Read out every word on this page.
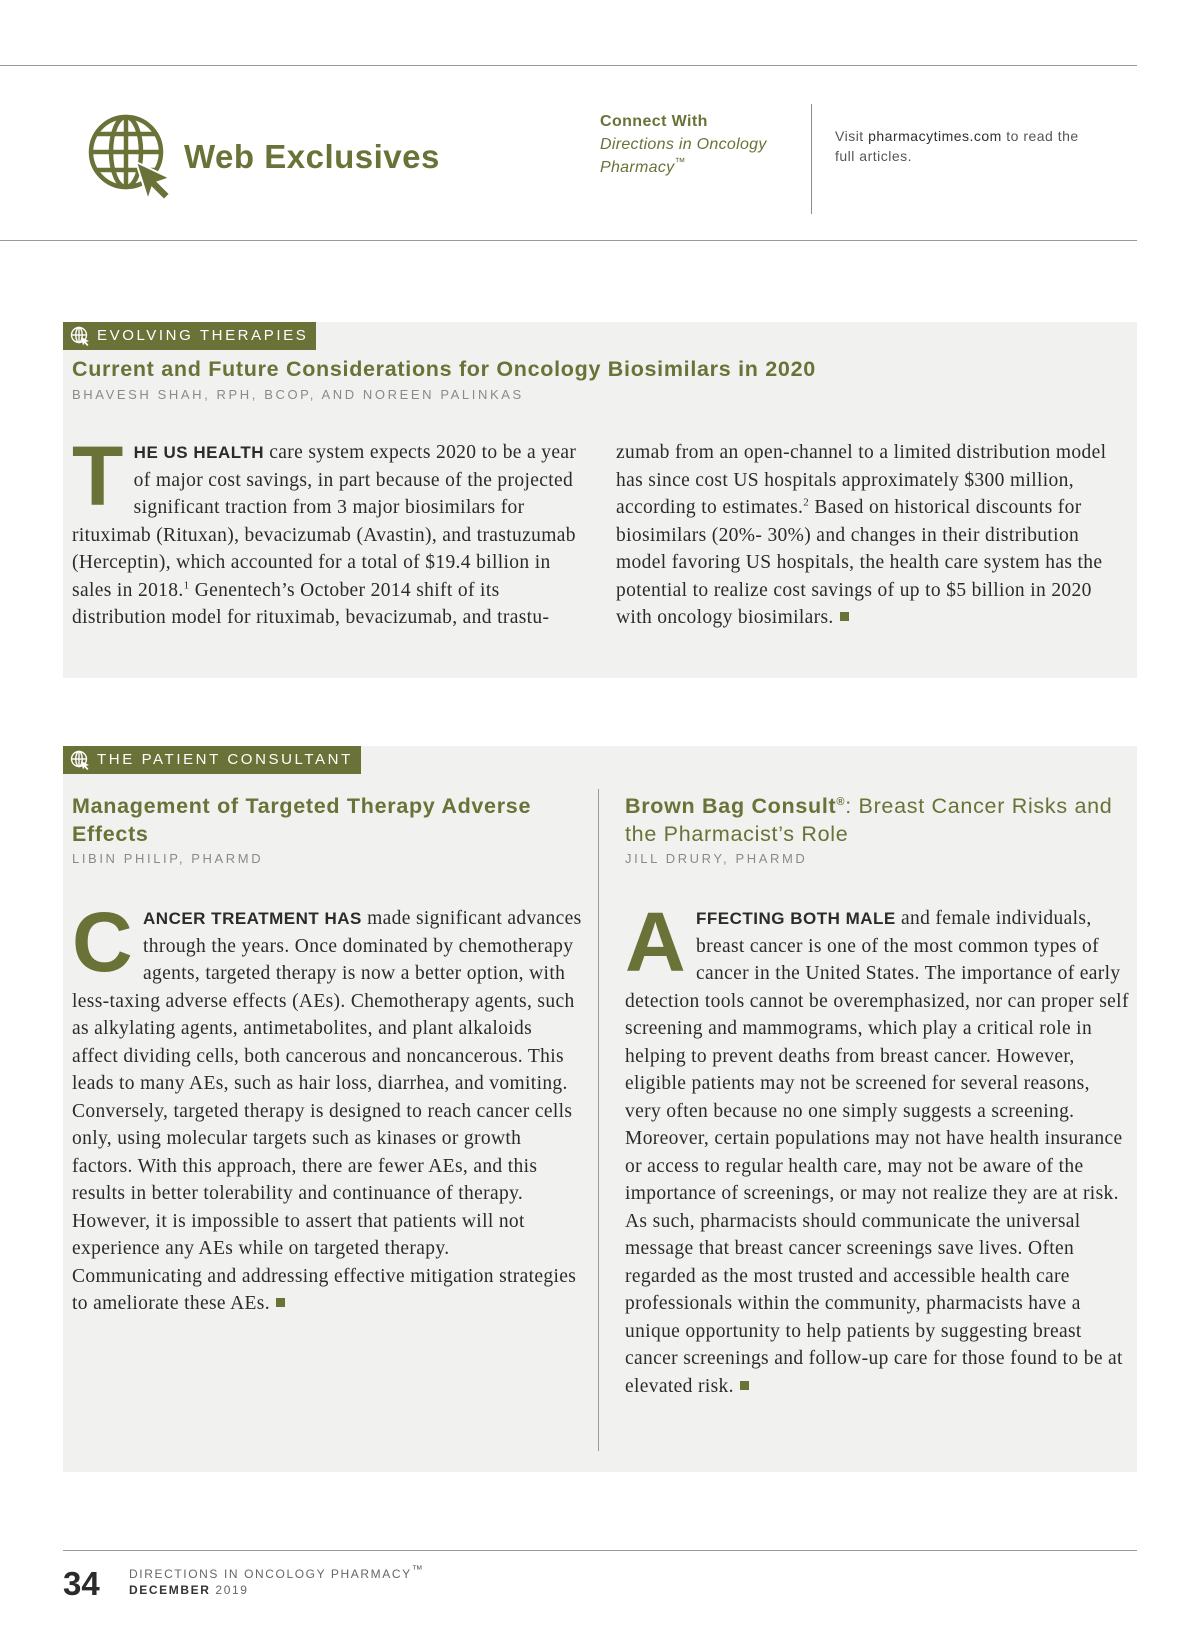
Web Exclusives
Connect With
Directions in Oncology Pharmacy™
Visit pharmacytimes.com to read the full articles.
EVOLVING THERAPIES
Current and Future Considerations for Oncology Biosimilars in 2020
BHAVESH SHAH, RPH, BCOP, AND NOREEN PALINKAS
THE US HEALTH care system expects 2020 to be a year of major cost savings, in part because of the projected significant traction from 3 major biosimilars for rituximab (Rituxan), bevacizumab (Avastin), and trastuzumab (Herceptin), which accounted for a total of $19.4 billion in sales in 2018.$^1$ Genentech’s October 2014 shift of its distribution model for rituximab, bevacizumab, and trastu-
zumab from an open-channel to a limited distribution model has since cost US hospitals approximately $300 million, according to estimates.$^2$ Based on historical discounts for biosimilars (20%- 30%) and changes in their distribution model favoring US hospitals, the health care system has the potential to realize cost savings of up to $5 billion in 2020 with oncology biosimilars.
THE PATIENT CONSULTANT
Management of Targeted Therapy Adverse Effects
LIBIN PHILIP, PHARMD
CANCER TREATMENT HAS made significant advances through the years. Once dominated by chemotherapy agents, targeted therapy is now a better option, with less-taxing adverse effects (AEs). Chemotherapy agents, such as alkylating agents, antimetabolites, and plant alkaloids affect dividing cells, both cancerous and noncancerous. This leads to many AEs, such as hair loss, diarrhea, and vomiting. Conversely, targeted therapy is designed to reach cancer cells only, using molecular targets such as kinases or growth factors. With this approach, there are fewer AEs, and this results in better tolerability and continuance of therapy. However, it is impossible to assert that patients will not experience any AEs while on targeted therapy. Communicating and addressing effective mitigation strategies to ameliorate these AEs.
Brown Bag Consult®: Breast Cancer Risks and the Pharmacist’s Role
JILL DRURY, PHARMD
AFFECTING BOTH MALE and female individuals, breast cancer is one of the most common types of cancer in the United States. The importance of early detection tools cannot be overemphasized, nor can proper self screening and mammograms, which play a critical role in helping to prevent deaths from breast cancer. However, eligible patients may not be screened for several reasons, very often because no one simply suggests a screening. Moreover, certain populations may not have health insurance or access to regular health care, may not be aware of the importance of screenings, or may not realize they are at risk. As such, pharmacists should communicate the universal message that breast cancer screenings save lives. Often regarded as the most trusted and accessible health care professionals within the community, pharmacists have a unique opportunity to help patients by suggesting breast cancer screenings and follow-up care for those found to be at elevated risk.
34 DIRECTIONS IN ONCOLOGY PHARMACY™
DECEMBER 2019
